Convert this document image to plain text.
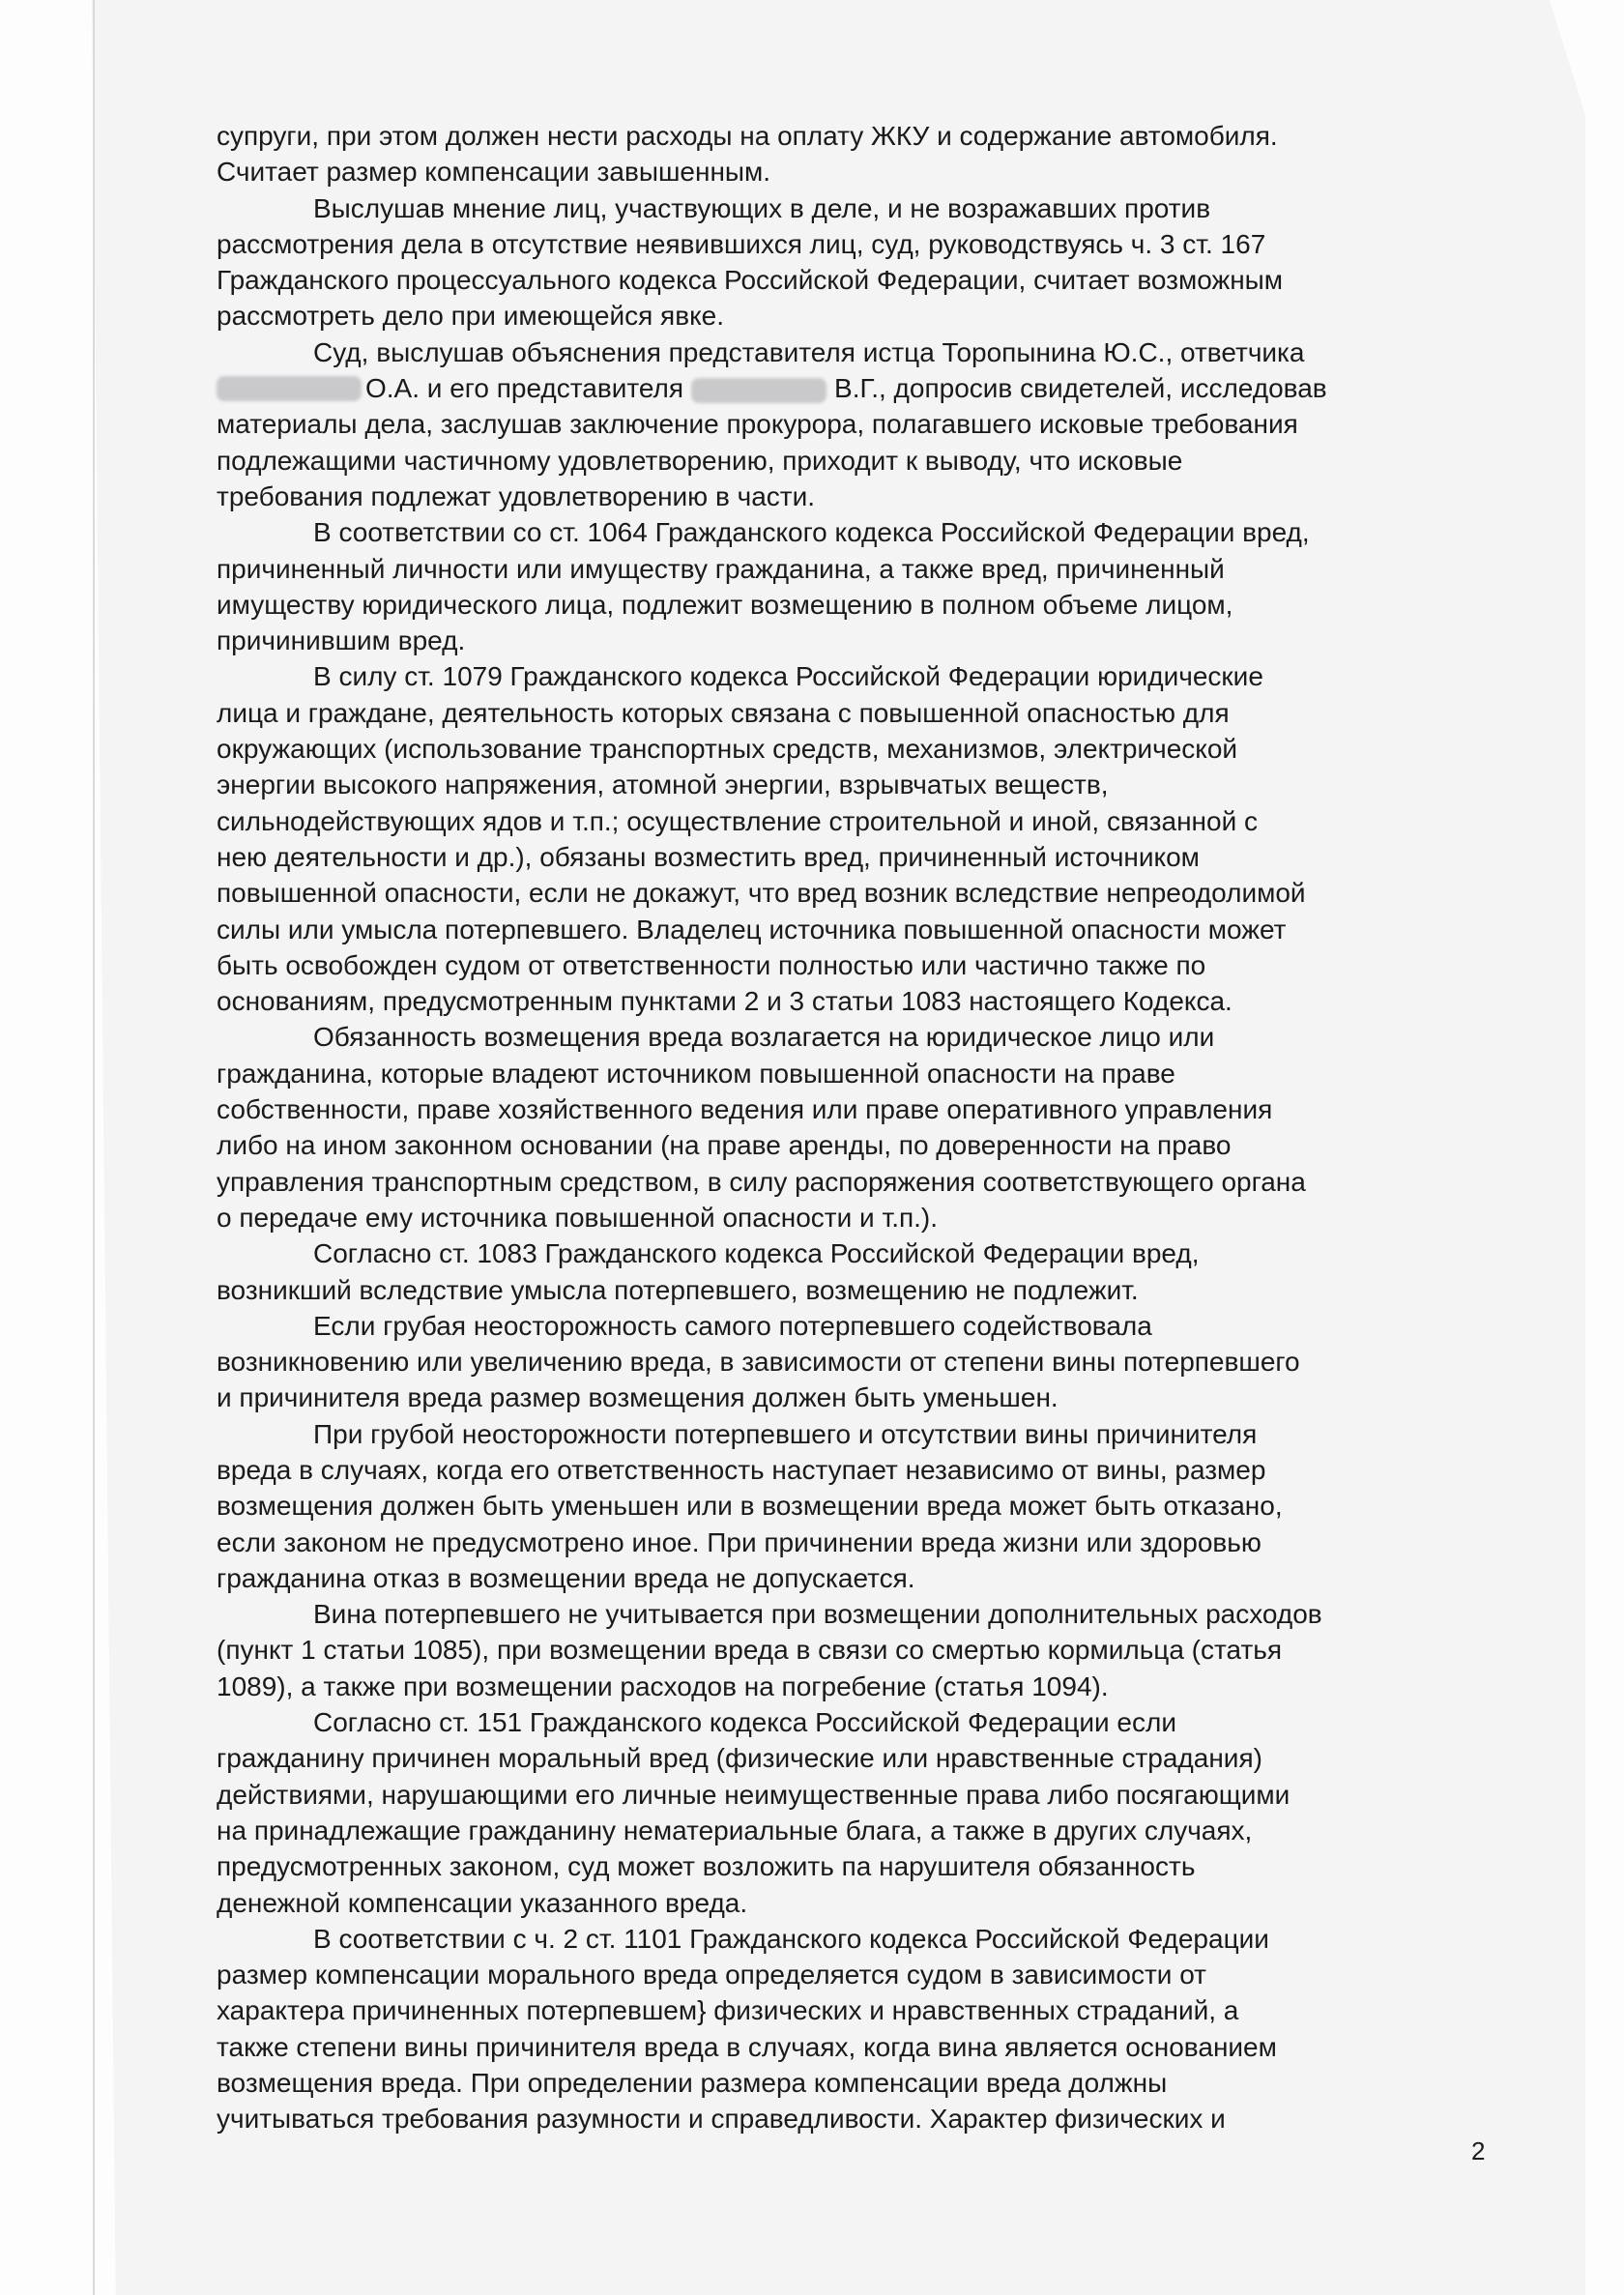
супруги, при этом должен нести расходы на оплату ЖКУ и содержание автомобиля.
Считает размер компенсации завышенным.

Выслушав мнение лиц, участвующих в деле, и не возражавших против
рассмотрения дела в отсутствие неявившихся лиц, суд, руководствуясь ч. 3 ст. 167
Гражданского процессуального кодекса Российской Федерации, считает возможным
рассмотреть дело при имеющейся явке.

Суд, выслушав объяснения представителя истца Торопынина Ю.С., ответчика
О.А. и его представителя	В.Г., допросив свидетелей, исследовав
материалы дела, заслушав заключение прокурора, полагавшего исковые требования
подлежащими частичному удовлетворению, приходит к выводу, что исковые
требования подлежат удовлетворению в части.

В соответствии со ст. 1064 Гражданского кодекса Российской Федерации вред,
причиненный личности или имуществу гражданина, а также вред, причиненный
имуществу юридического лица, подлежит возмещению в полном объеме лицом,
причинившим вред.

В силу ст. 1079 Гражданского кодекса Российской Федерации юридические
лица и граждане, деятельность которых связана с повышенной опасностью для
окружающих (использование транспортных средств, механизмов, электрической
энергии высокого напряжения, атомной энергии, взрывчатых веществ,
сильнодействующих ядов и т.п.; осуществление строительной и иной, связанной с
нею деятельности и др.), обязаны возместить вред, причиненный источником
повышенной опасности, если не докажут, что вред возник вследствие непреодолимой
силы или умысла потерпевшего. Владелец источника повышенной опасности может
быть освобожден судом от ответственности полностью или частично также по
основаниям, предусмотренным пунктами 2 и 3 статьи 1083 настоящего Кодекса.

Обязанность возмещения вреда возлагается на юридическое лицо или
гражданина, которые владеют источником повышенной опасности на праве
собственности, праве хозяйственного ведения или праве оперативного управления
либо на ином законном основании (на праве аренды, по доверенности на право
управления транспортным средством, в силу распоряжения соответствующего органа
о передаче ему источника повышенной опасности и т.п.).

Согласно ст. 1083 Гражданского кодекса Российской Федерации вред,
возникший вследствие умысла потерпевшего, возмещению не подлежит.

Если грубая неосторожность самого потерпевшего содействовала
возникновению или увеличению вреда, в зависимости от степени вины потерпевшего
и причинителя вреда размер возмещения должен быть уменьшен.

При грубой неосторожности потерпевшего и отсутствии вины причинителя
вреда в случаях, когда его ответственность наступает независимо от вины, размер
возмещения должен быть уменьшен или в возмещении вреда может быть отказано,
если законом не предусмотрено иное. При причинении вреда жизни или здоровью
гражданина отказ в возмещении вреда не допускается.

Вина потерпевшего не учитывается при возмещении дополнительных расходов
(пункт 1 статьи 1085), при возмещении вреда в связи со смертью кормильца (статья
1089), а также при возмещении расходов на погребение (статья 1094).

Согласно ст. 151 Гражданского кодекса Российской Федерации если
гражданину причинен моральный вред (физические или нравственные страдания)
действиями, нарушающими его личные неимущественные права либо посягающими
на принадлежащие гражданину нематериальные блага, а также в других случаях,
предусмотренных законом, суд может возложить па нарушителя обязанность
денежной компенсации указанного вреда.

В соответствии с ч. 2 ст. 1101 Гражданского кодекса Российской Федерации
размер компенсации морального вреда определяется судом в зависимости от
характера причиненных потерпевшем} физических и нравственных страданий, а
также степени вины причинителя вреда в случаях, когда вина является основанием
возмещения вреда. При определении размера компенсации вреда должны
учитываться требования разумности и справедливости. Характер физических и

2
